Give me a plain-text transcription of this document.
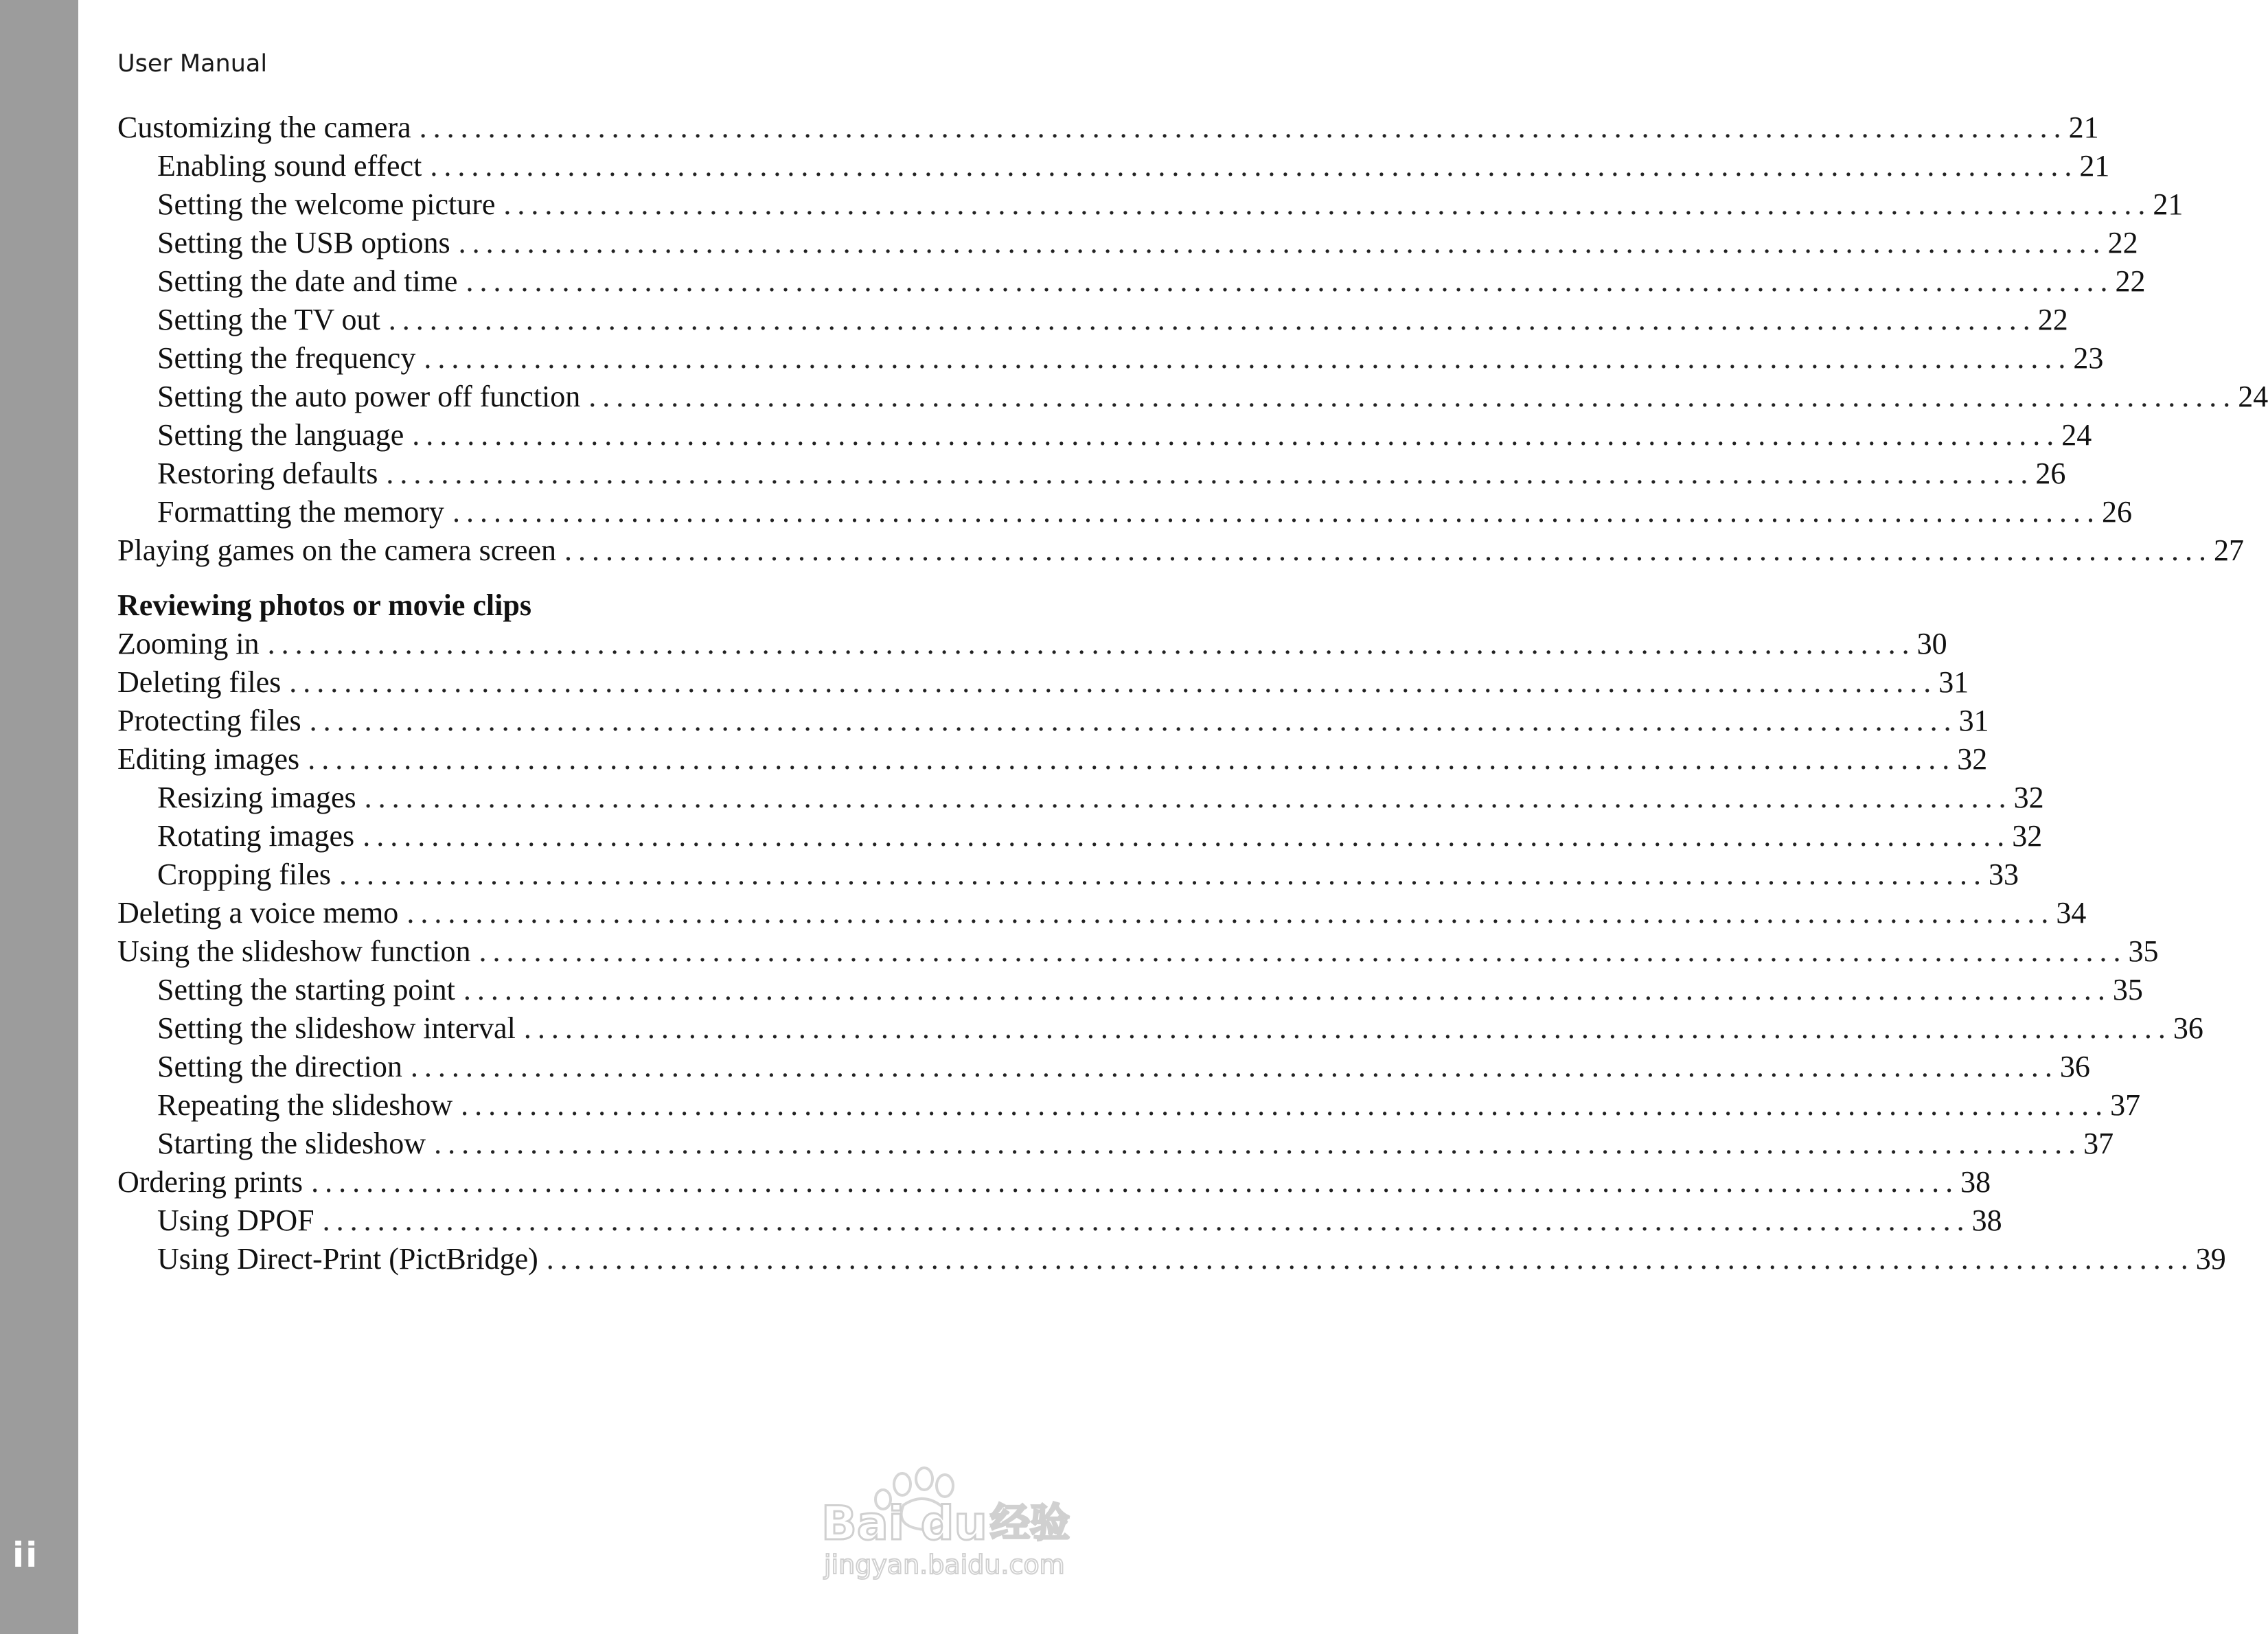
ii
User Manual
Customizing the camera ........................................................................................................................ 21
Enabling sound effect ........................................................................................................................ 21
Setting the welcome picture ........................................................................................................................ 21
Setting the USB options ........................................................................................................................ 22
Setting the date and time ........................................................................................................................ 22
Setting the TV out ........................................................................................................................ 22
Setting the frequency ........................................................................................................................ 23
Setting the auto power off function ........................................................................................................................ 24
Setting the language ........................................................................................................................ 24
Restoring defaults ........................................................................................................................ 26
Formatting the memory ........................................................................................................................ 26
Playing games on the camera screen ........................................................................................................................ 27
Reviewing photos or movie clips
Zooming in ........................................................................................................................ 30
Deleting files ........................................................................................................................ 31
Protecting files ........................................................................................................................ 31
Editing images ........................................................................................................................ 32
Resizing images ........................................................................................................................ 32
Rotating images ........................................................................................................................ 32
Cropping files ........................................................................................................................ 33
Deleting a voice memo ........................................................................................................................ 34
Using the slideshow function ........................................................................................................................ 35
Setting the starting point ........................................................................................................................ 35
Setting the slideshow interval ........................................................................................................................ 36
Setting the direction ........................................................................................................................ 36
Repeating the slideshow ........................................................................................................................ 37
Starting the slideshow ........................................................................................................................ 37
Ordering prints ........................................................................................................................ 38
Using DPOF ........................................................................................................................ 38
Using Direct-Print (PictBridge) ........................................................................................................................ 39
Bai du 经验
jingyan.baidu.com
